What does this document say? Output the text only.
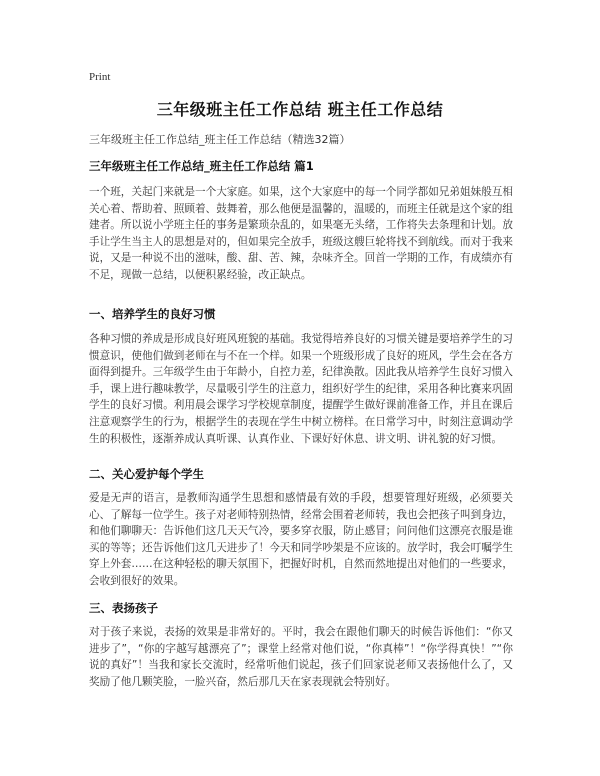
Print
三年级班主任工作总结 班主任工作总结
三年级班主任工作总结_班主任工作总结（精选32篇）
三年级班主任工作总结_班主任工作总结 篇1

一个班，关起门来就是一个大家庭。如果，这个大家庭中的每一个同学都如兄弟姐妹般互相关心着、帮助着、照顾着、鼓舞着，那么他便是温馨的，温暖的，而班主任就是这个家的组建者。所以说小学班主任的事务是繁琐杂乱的，如果毫无头绪，工作将失去条理和计划。放手让学生当主人的思想是对的，但如果完全放手，班级这艘巨轮将找不到航线。而对于我来说，又是一种说不出的滋味，酸、甜、苦、辣，杂味齐全。回首一学期的工作，有成绩亦有不足，现做一总结，以便积累经验，改正缺点。

一、培养学生的良好习惯

各种习惯的养成是形成良好班风班貌的基础。我觉得培养良好的习惯关键是要培养学生的习惯意识，使他们做到老师在与不在一个样。如果一个班级形成了良好的班风，学生会在各方面得到提升。三年级学生由于年龄小，自控力差，纪律涣散。因此我从培养学生良好习惯入手，课上进行趣味教学，尽量吸引学生的注意力，组织好学生的纪律，采用各种比赛来巩固学生的良好习惯。利用晨会课学习学校规章制度，提醒学生做好课前准备工作，并且在课后注意观察学生的行为，根据学生的表现在学生中树立榜样。在日常学习中，时刻注意调动学生的积极性，逐渐养成认真听课、认真作业、下课好好休息、讲文明、讲礼貌的好习惯。

二、关心爱护每个学生

爱是无声的语言，是教师沟通学生思想和感情最有效的手段，想要管理好班级，必须要关心、了解每一位学生。孩子对老师特别热情，经常会围着老师转，我也会把孩子叫到身边，和他们聊聊天：告诉他们这几天天气冷，要多穿衣服，防止感冒；问问他们这漂亮衣服是谁买的等等；还告诉他们这几天进步了！今天和同学吵架是不应该的。放学时，我会叮嘱学生穿上外套……在这种轻松的聊天氛围下，把握好时机，自然而然地提出对他们的一些要求，会收到很好的效果。

三、表扬孩子

对于孩子来说，表扬的效果是非常好的。平时，我会在跟他们聊天的时候告诉他们：“你又进步了”，“你的字越写越漂亮了”；课堂上经常对他们说，“你真棒”！“你学得真快！”“你说的真好”！当我和家长交流时，经常听他们说起，孩子们回家说老师又表扬他什么了，又奖励了他几颗笑脸，一脸兴奋，然后那几天在家表现就会特别好。
